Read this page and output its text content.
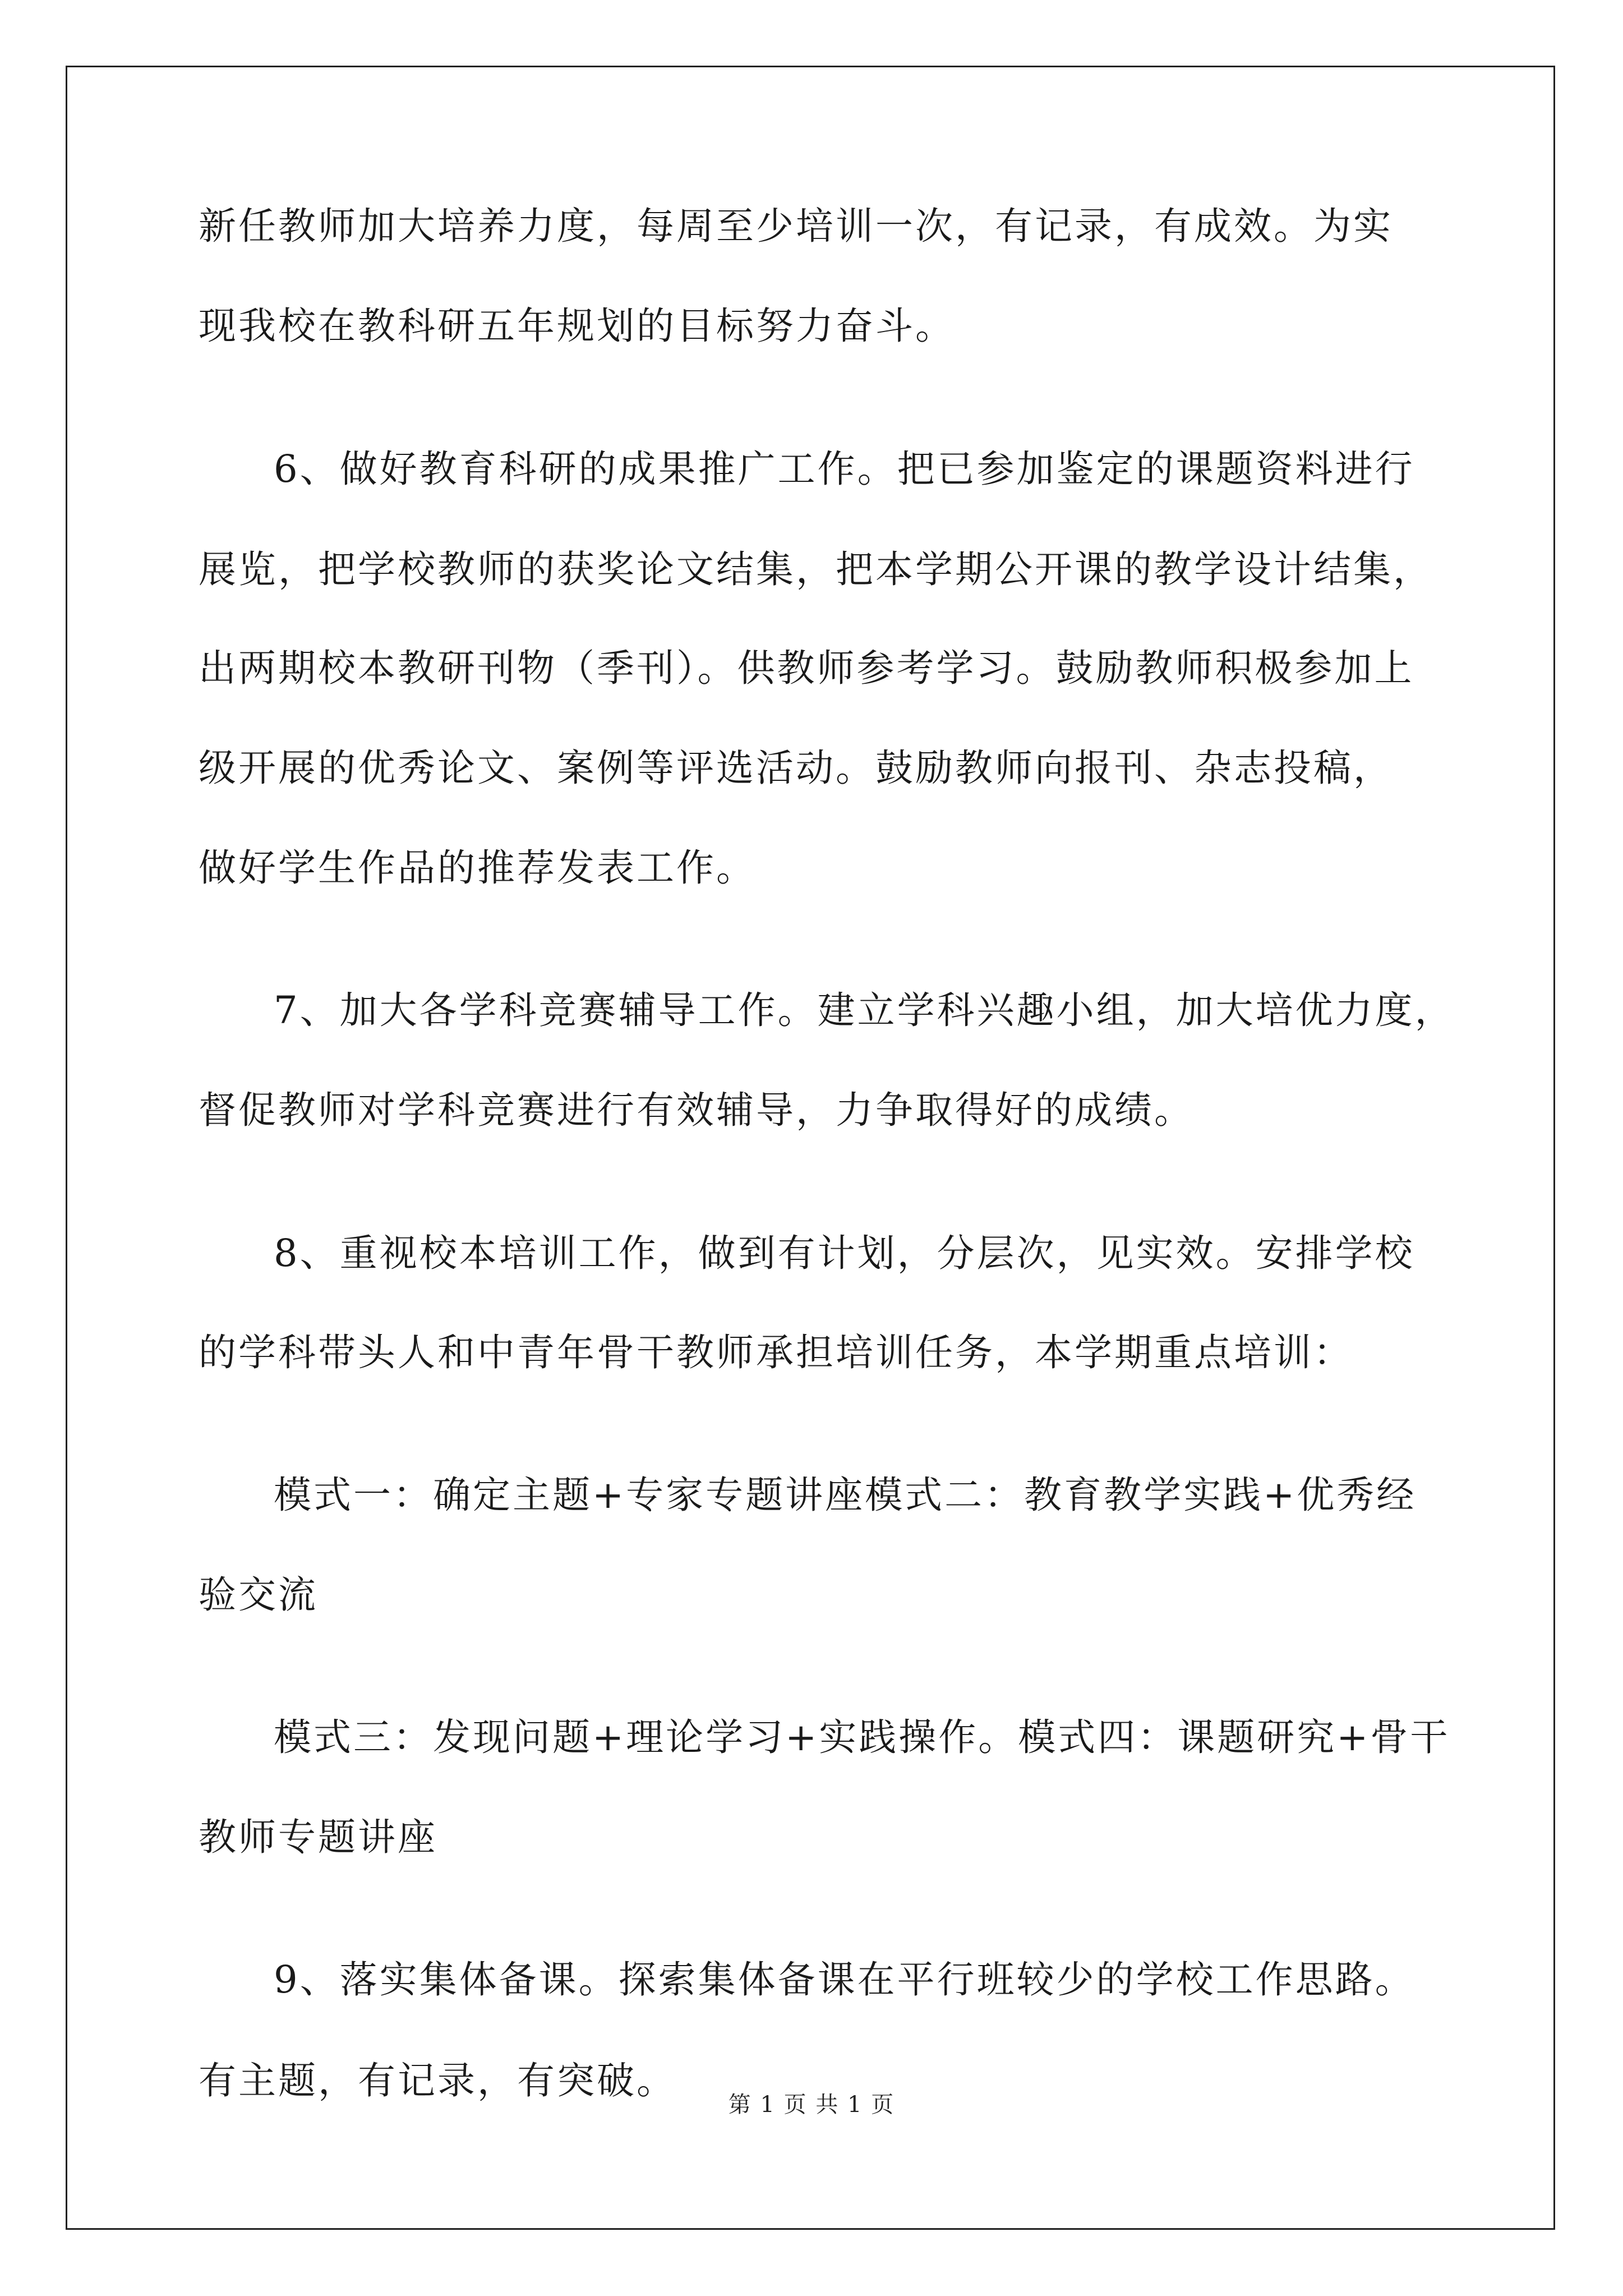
新任教师加大培养力度，每周至少培训一次，有记录，有成效。为实
现我校在教科研五年规划的目标努力奋斗。
6、做好教育科研的成果推广工作。把已参加鉴定的课题资料进行
展览，把学校教师的获奖论文结集，把本学期公开课的教学设计结集，
出两期校本教研刊物（季刊）。供教师参考学习。鼓励教师积极参加上
级开展的优秀论文、案例等评选活动。鼓励教师向报刊、杂志投稿，
做好学生作品的推荐发表工作。
7、加大各学科竞赛辅导工作。建立学科兴趣小组，加大培优力度，
督促教师对学科竞赛进行有效辅导，力争取得好的成绩。
8、重视校本培训工作，做到有计划，分层次，见实效。安排学校
的学科带头人和中青年骨干教师承担培训任务，本学期重点培训：
模式一：确定主题+专家专题讲座模式二：教育教学实践+优秀经
验交流
模式三：发现问题+理论学习+实践操作。模式四：课题研究+骨干
教师专题讲座
9、落实集体备课。探索集体备课在平行班较少的学校工作思路。
有主题，有记录，有突破。
第 1 页 共 1 页
